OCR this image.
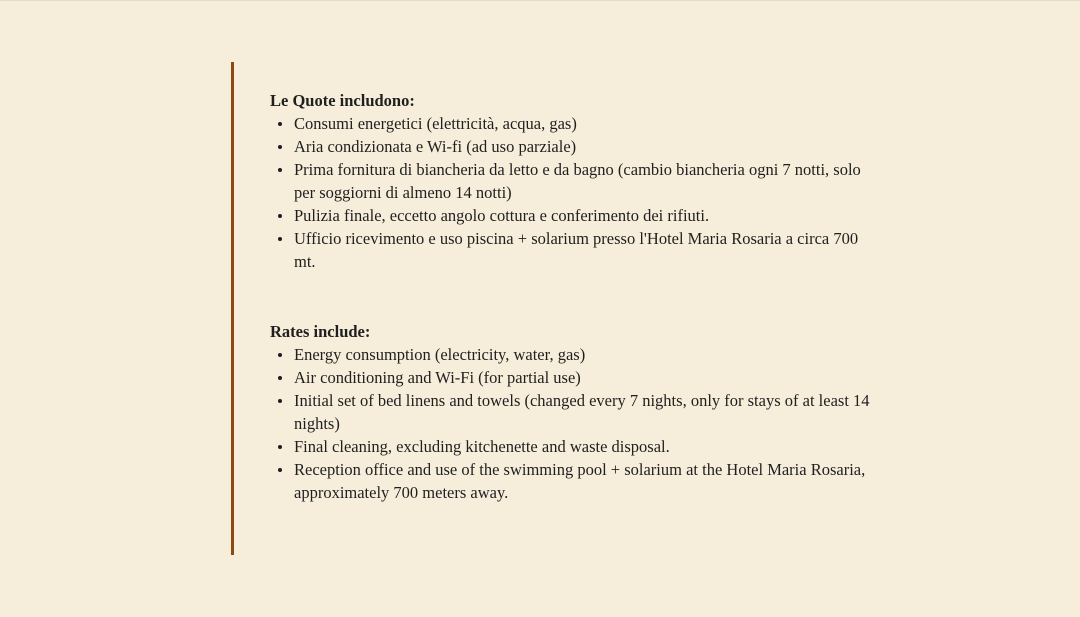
Le Quote includono:

Consumi energetici (elettricità, acqua, gas)
Aria condizionata e Wi-fi (ad uso parziale)
Prima fornitura di biancheria da letto e da bagno (cambio biancheria ogni 7 notti, solo per soggiorni di almeno 14 notti)
Pulizia finale, eccetto angolo cottura e conferimento dei rifiuti.
Ufficio ricevimento e uso piscina + solarium presso l'Hotel Maria Rosaria a circa 700 mt.

Rates include:

Energy consumption (electricity, water, gas)
Air conditioning and Wi-Fi (for partial use)
Initial set of bed linens and towels (changed every 7 nights, only for stays of at least 14 nights)
Final cleaning, excluding kitchenette and waste disposal.
Reception office and use of the swimming pool + solarium at the Hotel Maria Rosaria, approximately 700 meters away.
